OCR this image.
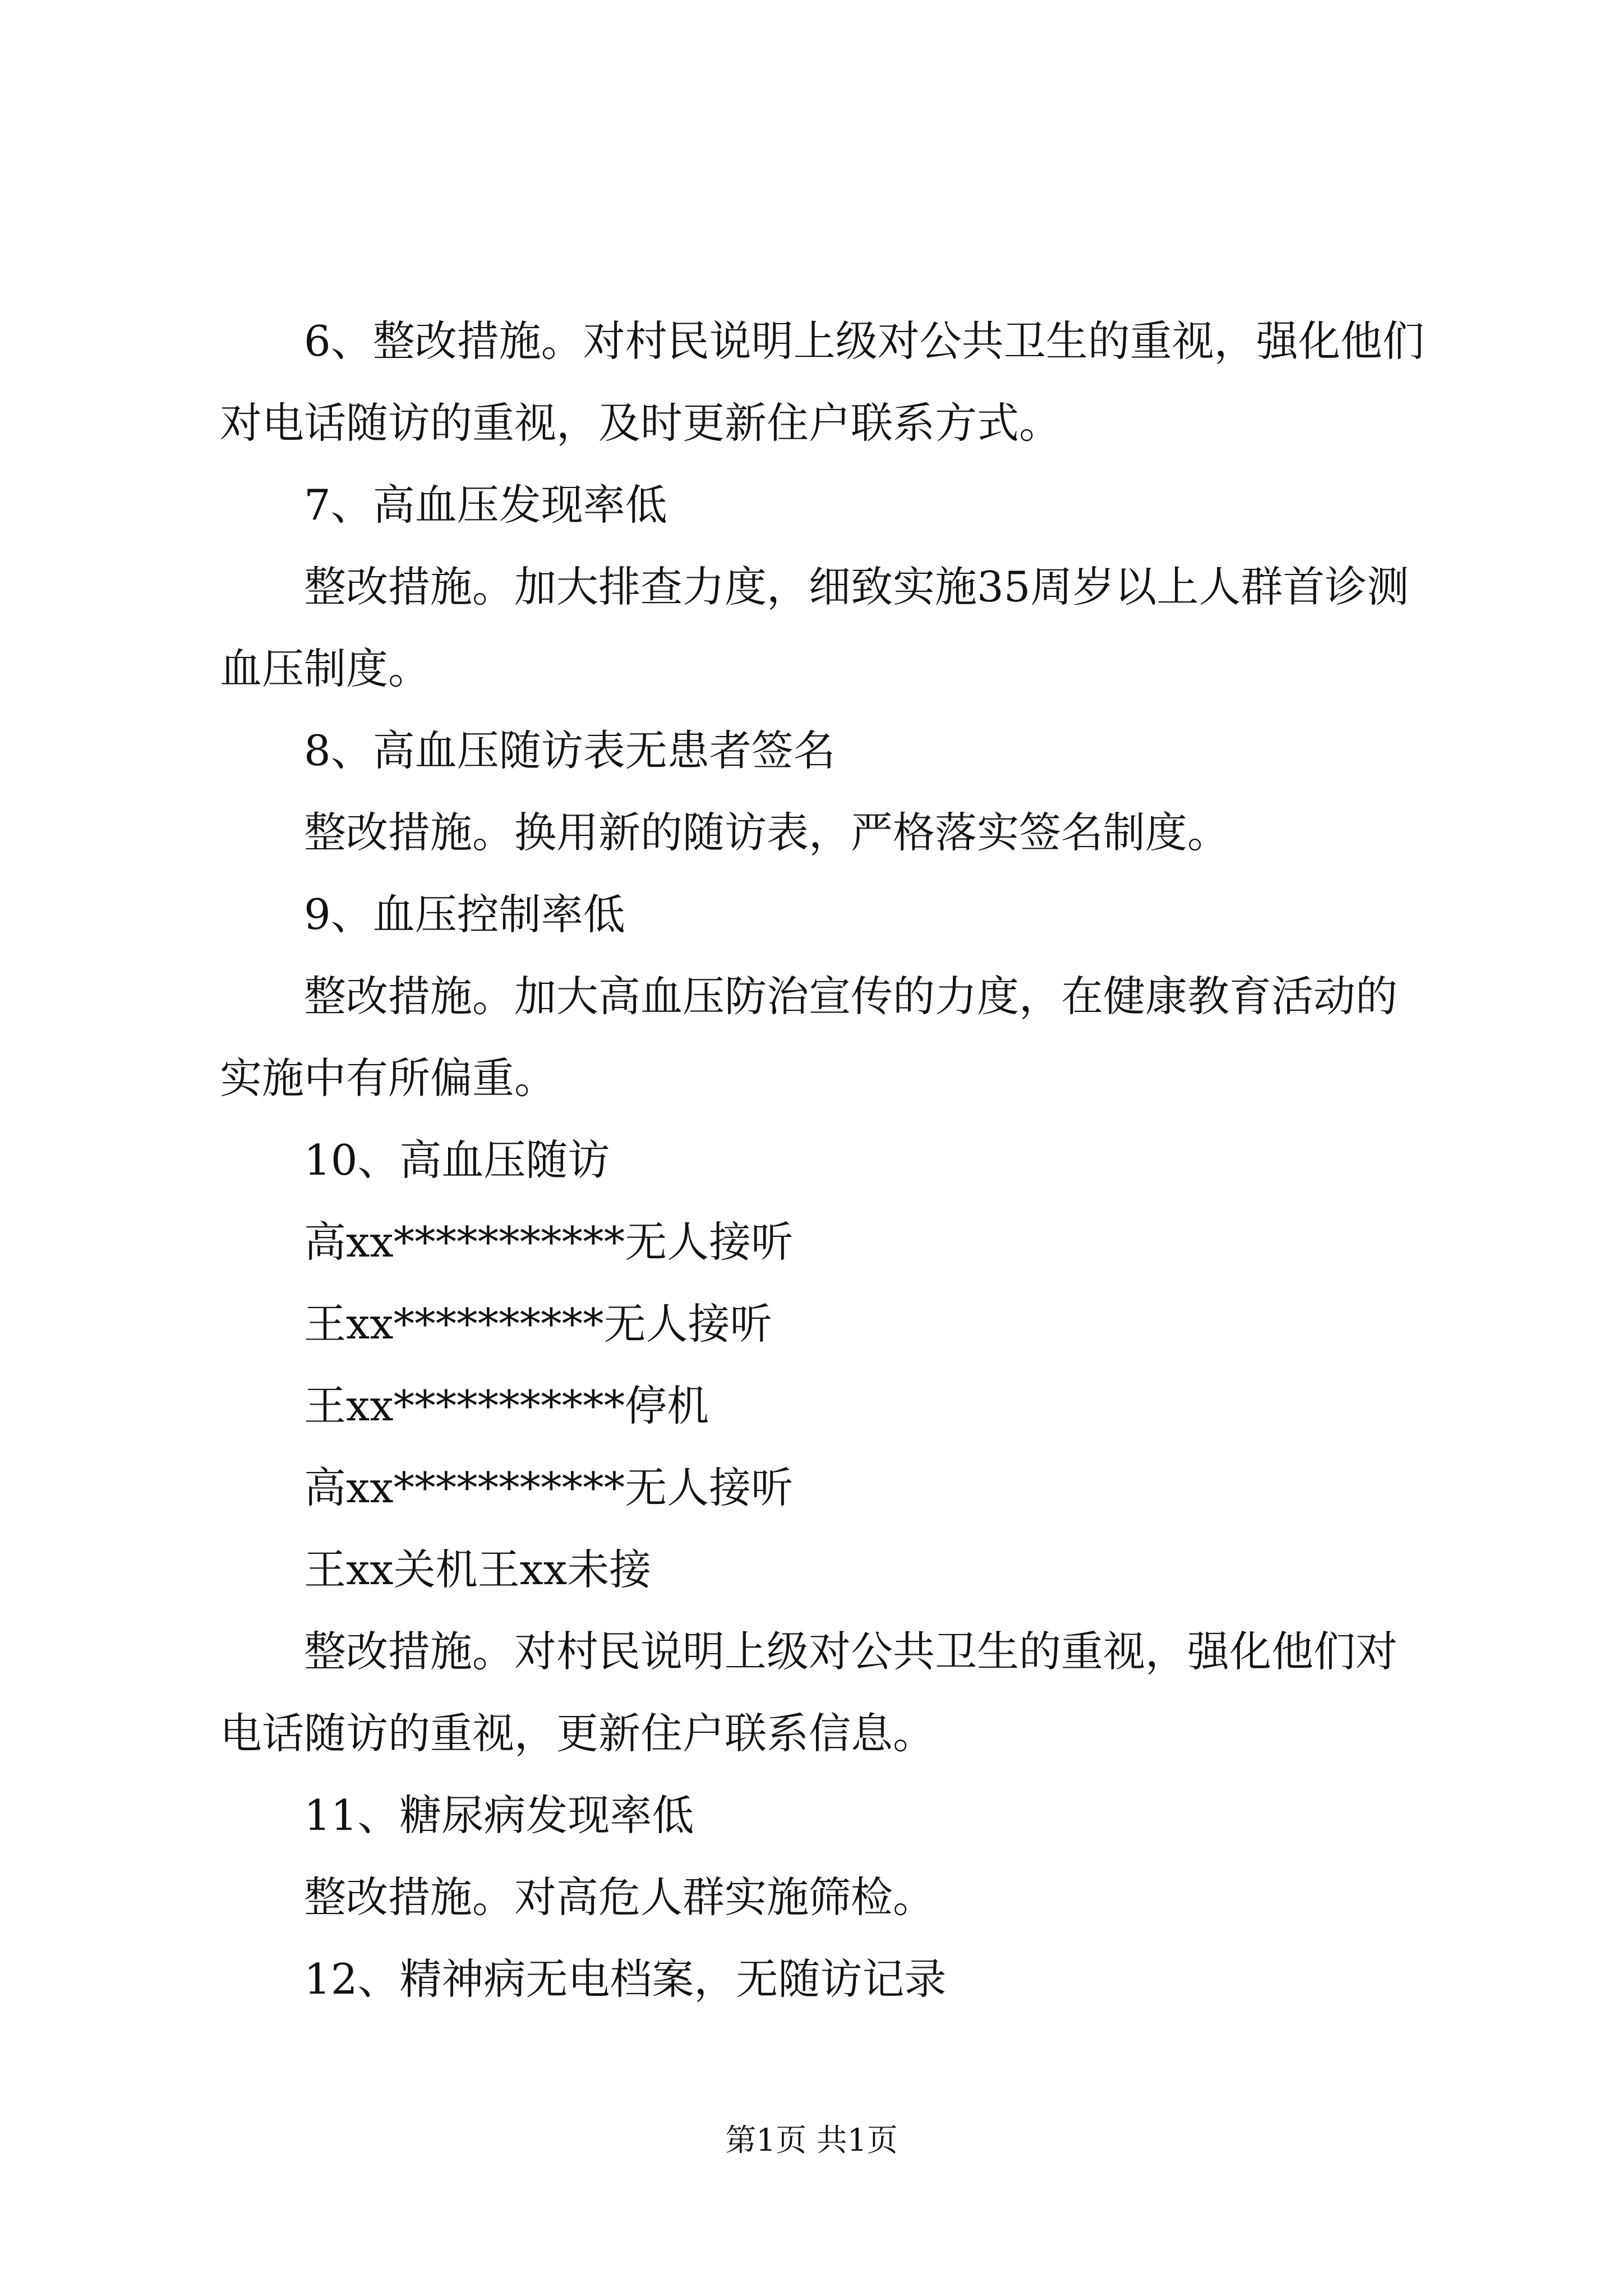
6、整改措施。对村民说明上级对公共卫生的重视，强化他们对电话随访的重视，及时更新住户联系方式。

7、高血压发现率低

整改措施。加大排查力度，细致实施35周岁以上人群首诊测血压制度。

8、高血压随访表无患者签名

整改措施。换用新的随访表，严格落实签名制度。

9、血压控制率低

整改措施。加大高血压防治宣传的力度，在健康教育活动的实施中有所偏重。

10、高血压随访

高xx***********无人接听

王xx**********无人接听

王xx***********停机

高xx***********无人接听

王xx关机王xx未接

整改措施。对村民说明上级对公共卫生的重视，强化他们对电话随访的重视，更新住户联系信息。

11、糖尿病发现率低

整改措施。对高危人群实施筛检。

12、精神病无电档案，无随访记录

第1页 共1页
